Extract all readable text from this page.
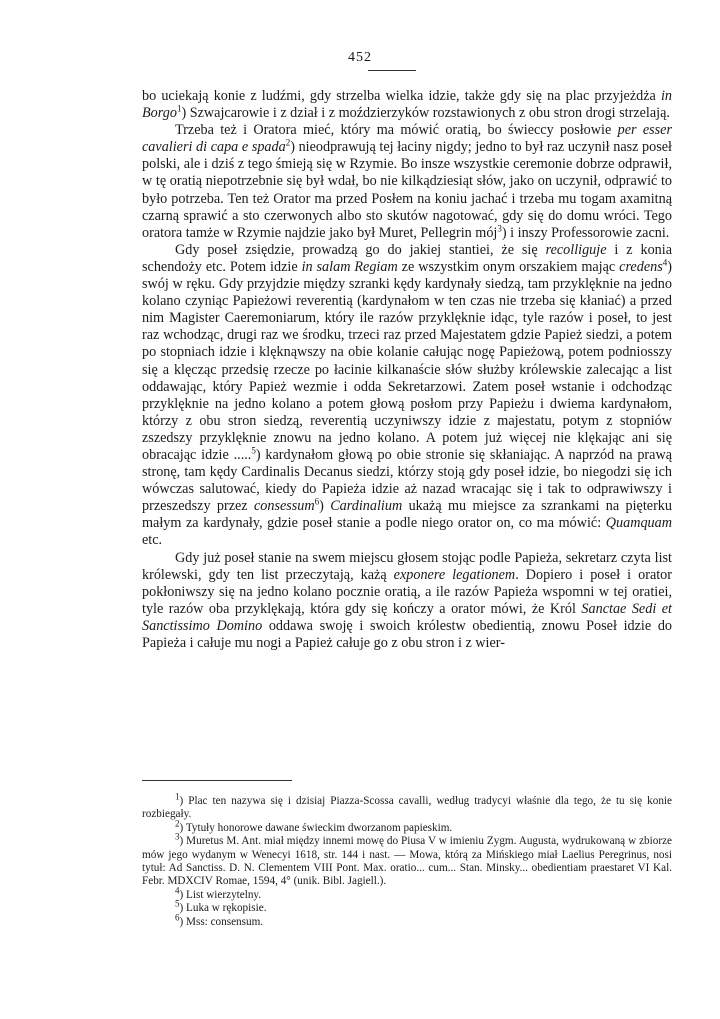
452

bo uciekają konie z ludźmi, gdy strzelba wielka idzie, także gdy się na plac przyjeżdża in Borgo$^1$) Szwajcarowie i z dział i z moździerzyków rozstawionych z obu stron drogi strzelają.

Trzeba też i Oratora mieć, który ma mówić oratią, bo świeccy posłowie per esser cavalieri di capa e spada$^2$) nieodprawują tej łaciny nigdy; jedno to był raz uczynił nasz poseł polski, ale i dziś z tego śmieją się w Rzymie. Bo insze wszystkie ceremonie dobrze odprawił, w tę oratią niepotrzebnie się był wdał, bo nie kilkądziesiąt słów, jako on uczynił, odprawić to było potrzeba. Ten też Orator ma przed Posłem na koniu jachać i trzeba mu togam axamitną czarną sprawić a sto czerwonych albo sto skutów nagotować, gdy się do domu wróci. Tego oratora tamże w Rzymie najdzie jako był Muret, Pellegrin mój$^3$) i inszy Professorowie zacni.

Gdy poseł zsiędzie, prowadzą go do jakiej stantiei, że się recolliguje i z konia schendoży etc. Potem idzie in salam Regiam ze wszystkim onym orszakiem mając credens$^4$) swój w ręku. Gdy przyjdzie między szranki kędy kardynały siedzą, tam przyklęknie na jedno kolano czyniąc Papieżowi reverentią (kardynałom w ten czas nie trzeba się kłaniać) a przed nim Magister Caeremoniarum, który ile razów przyklęknie idąc, tyle razów i poseł, to jest raz wchodząc, drugi raz we środku, trzeci raz przed Majestatem gdzie Papież siedzi, a potem po stopniach idzie i klęknąwszy na obie kolanie całując nogę Papieżową, potem podniosszy się a klęcząc przedsię rzecze po łacinie kilkanaście słów służby królewskie zalecając a list oddawając, który Papież wezmie i odda Sekretarzowi. Zatem poseł wstanie i odchodząc przyklęknie na jedno kolano a potem głową posłom przy Papieżu i dwiema kardynałom, którzy z obu stron siedzą, reverentią uczyniwszy idzie z majestatu, potym z stopniów zszedszy przyklęknie znowu na jedno kolano. A potem już więcej nie klękając ani się obracając idzie .....$^5$) kardynałom głową po obie stronie się skłaniając. A naprzód na prawą stronę, tam kędy Cardinalis Decanus siedzi, którzy stoją gdy poseł idzie, bo niegodzi się ich wówczas salutować, kiedy do Papieża idzie aż nazad wracając się i tak to odprawiwszy i przeszedszy przez consessum$^6$) Cardinalium ukażą mu miejsce za szrankami na pięterku małym za kardynały, gdzie poseł stanie a podle niego orator on, co ma mówić: Quamquam etc.

Gdy już poseł stanie na swem miejscu głosem stojąc podle Papieża, sekretarz czyta list królewski, gdy ten list przeczytają, każą exponere legationem. Dopiero i poseł i orator pokłoniwszy się na jedno kolano pocznie oratią, a ile razów Papieża wspomni w tej oratiei, tyle razów oba przyklękają, która gdy się kończy a orator mówi, że Król Sanctae Sedi et Sanctissimo Domino oddawa swoję i swoich królestw obedientią, znowu Poseł idzie do Papieża i całuje mu nogi a Papież całuje go z obu stron i z wier-

$^1$) Plac ten nazywa się i dzisiaj Piazza-Scossa cavalli, według tradycyi właśnie dla tego, że tu się konie rozbiegały.

$^2$) Tytuły honorowe dawane świeckim dworzanom papieskim.

$^3$) Muretus M. Ant. miał między innemi mowę do Piusa V w imieniu Zygm. Augusta, wydrukowaną w zbiorze mów jego wydanym w Wenecyi 1618, str. 144 i nast. — Mowa, którą za Mińskiego miał Laelius Peregrinus, nosi tytuł: Ad Sanctiss. D. N. Clementem VIII Pont. Max. oratio... cum... Stan. Minsky... obedientiam praestaret VI Kal. Febr. MDXCIV Romae, 1594, 4° (unik. Bibl. Jagiell.).

$^4$) List wierzytelny.

$^5$) Luka w rękopisie.

$^6$) Mss: consensum.
